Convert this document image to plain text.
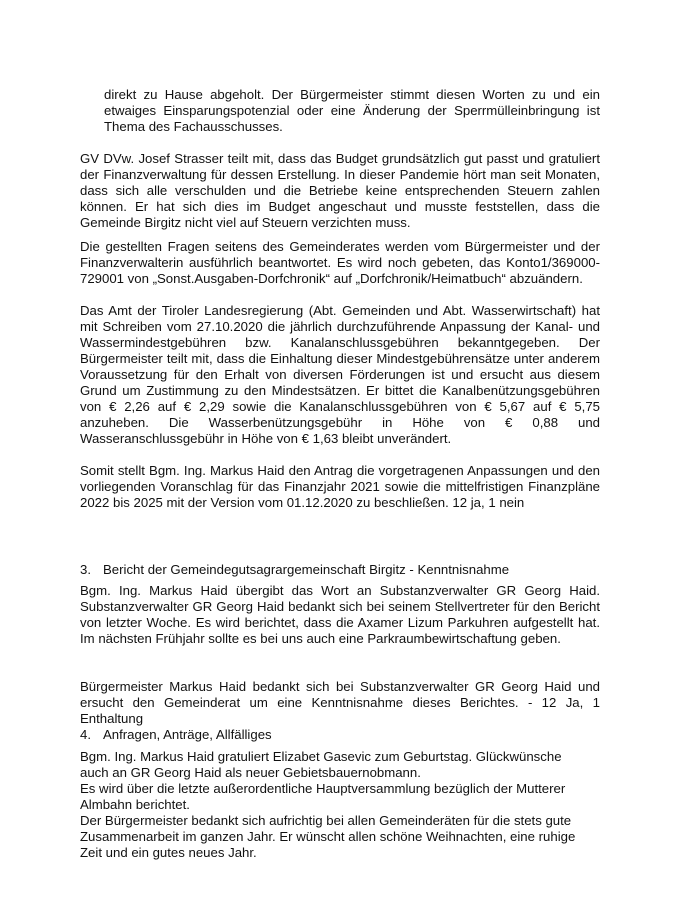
direkt zu Hause abgeholt. Der Bürgermeister stimmt diesen Worten zu und ein etwaiges Einsparungspotenzial oder eine Änderung der Sperrmülleinbringung ist Thema des Fachausschusses.

GV DVw. Josef Strasser teilt mit, dass das Budget grundsätzlich gut passt und gratuliert der Finanzverwaltung für dessen Erstellung. In dieser Pandemie hört man seit Monaten, dass sich alle verschulden und die Betriebe keine entsprechenden Steuern zahlen können. Er hat sich dies im Budget angeschaut und musste feststellen, dass die Gemeinde Birgitz nicht viel auf Steuern verzichten muss.

Die gestellten Fragen seitens des Gemeinderates werden vom Bürgermeister und der Finanzverwalterin ausführlich beantwortet. Es wird noch gebeten, das Konto1/369000-729001 von „Sonst.Ausgaben-Dorfchronik“ auf „Dorfchronik/Heimatbuch“ abzuändern.

Das Amt der Tiroler Landesregierung (Abt. Gemeinden und Abt. Wasserwirtschaft) hat mit Schreiben vom 27.10.2020 die jährlich durchzuführende Anpassung der Kanal- und Wassermindestgebühren bzw. Kanalanschlussgebühren bekanntgegeben. Der Bürgermeister teilt mit, dass die Einhaltung dieser Mindestgebührensätze unter anderem Voraussetzung für den Erhalt von diversen Förderungen ist und ersucht aus diesem Grund um Zustimmung zu den Mindestsätzen. Er bittet die Kanalbenützungsgebühren von € 2,26 auf € 2,29 sowie die Kanalanschlussgebühren von € 5,67 auf € 5,75 anzuheben. Die Wasserbenützungsgebühr in Höhe von € 0,88 und Wasseranschlussgebühr in Höhe von € 1,63 bleibt unverändert.

Somit stellt Bgm. Ing. Markus Haid den Antrag die vorgetragenen Anpassungen und den vorliegenden Voranschlag für das Finanzjahr 2021 sowie die mittelfristigen Finanzpläne 2022 bis 2025 mit der Version vom 01.12.2020 zu beschließen. 12 ja, 1 nein

3. Bericht der Gemeindegutsagrargemeinschaft Birgitz - Kenntnisnahme

Bgm. Ing. Markus Haid übergibt das Wort an Substanzverwalter GR Georg Haid. Substanzverwalter GR Georg Haid bedankt sich bei seinem Stellvertreter für den Bericht von letzter Woche. Es wird berichtet, dass die Axamer Lizum Parkuhren aufgestellt hat. Im nächsten Frühjahr sollte es bei uns auch eine Parkraumbewirtschaftung geben.

Bürgermeister Markus Haid bedankt sich bei Substanzverwalter GR Georg Haid und ersucht den Gemeinderat um eine Kenntnisnahme dieses Berichtes. - 12 Ja, 1 Enthaltung

4. Anfragen, Anträge, Allfälliges

Bgm. Ing. Markus Haid gratuliert Elizabet Gasevic zum Geburtstag. Glückwünsche auch an GR Georg Haid als neuer Gebietsbauernobmann.

Es wird über die letzte außerordentliche Hauptversammlung bezüglich der Mutterer Almbahn berichtet.

Der Bürgermeister bedankt sich aufrichtig bei allen Gemeinderäten für die stets gute Zusammenarbeit im ganzen Jahr. Er wünscht allen schöne Weihnachten, eine ruhige Zeit und ein gutes neues Jahr.
